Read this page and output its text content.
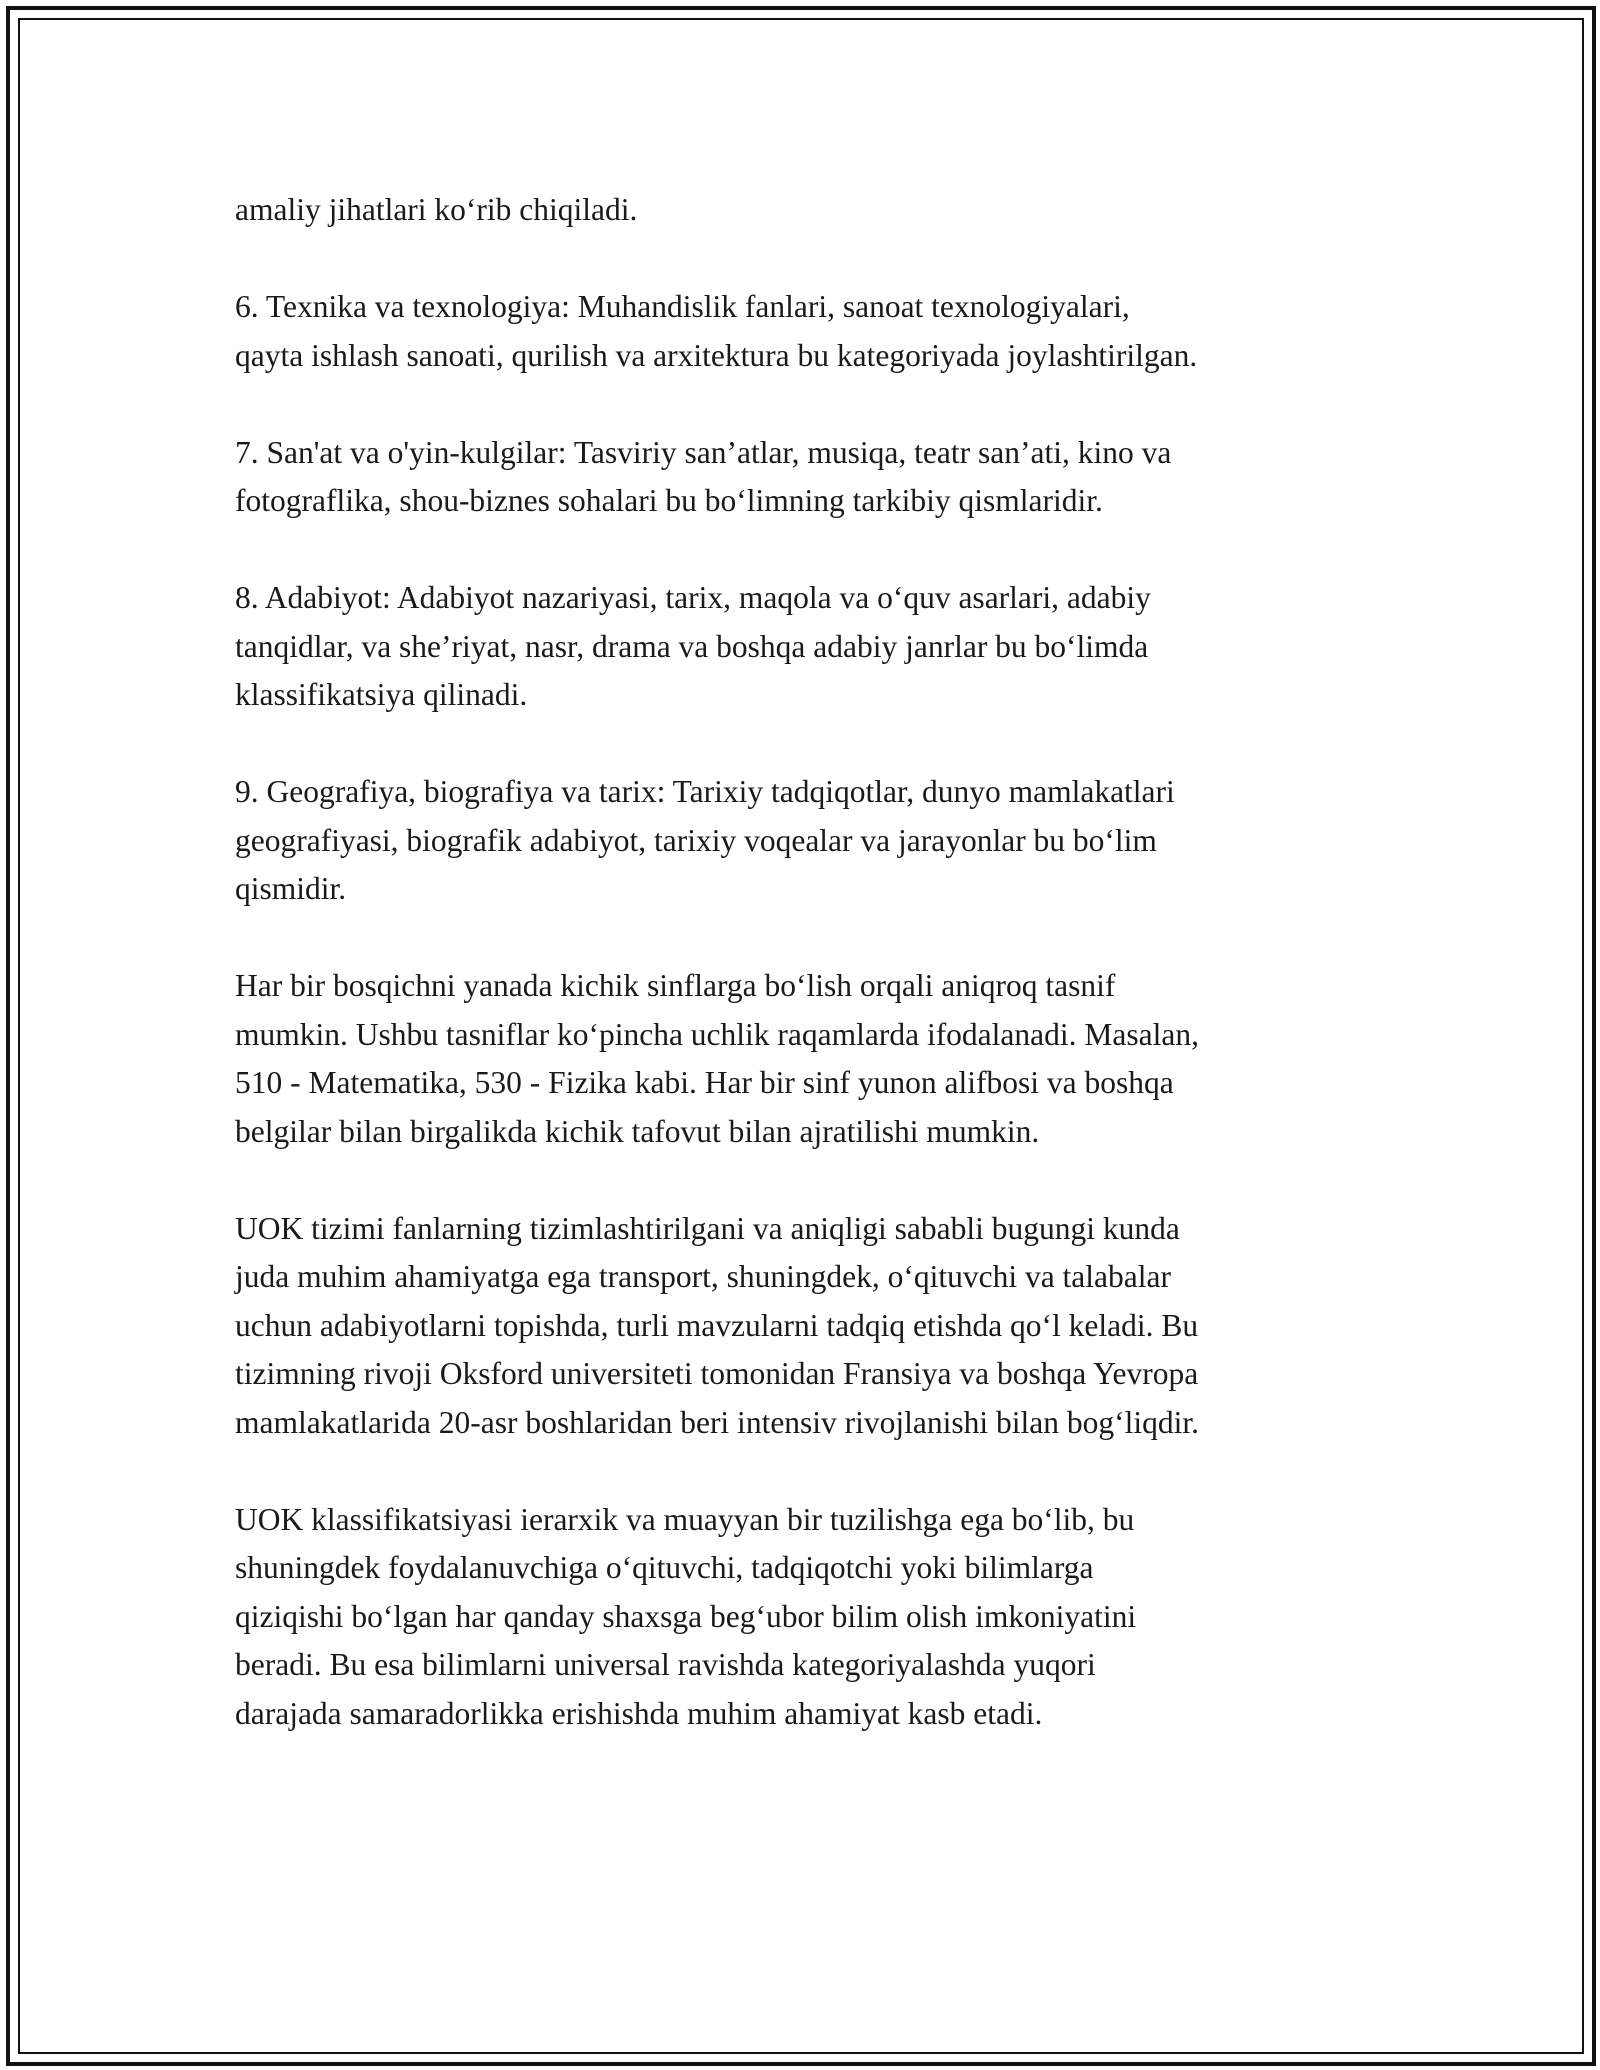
amaliy jihatlari ko‘rib chiqiladi.

6. Texnika va texnologiya: Muhandislik fanlari, sanoat texnologiyalari,
qayta ishlash sanoati, qurilish va arxitektura bu kategoriyada joylashtirilgan.

7. San'at va o'yin-kulgilar: Tasviriy san’atlar, musiqa, teatr san’ati, kino va
fotograflika, shou-biznes sohalari bu bo‘limning tarkibiy qismlaridir.

8. Adabiyot: Adabiyot nazariyasi, tarix, maqola va o‘quv asarlari, adabiy
tanqidlar, va she’riyat, nasr, drama va boshqa adabiy janrlar bu bo‘limda
klassifikatsiya qilinadi.

9. Geografiya, biografiya va tarix: Tarixiy tadqiqotlar, dunyo mamlakatlari
geografiyasi, biografik adabiyot, tarixiy voqealar va jarayonlar bu bo‘lim
qismidir.

Har bir bosqichni yanada kichik sinflarga bo‘lish orqali aniqroq tasnif
mumkin. Ushbu tasniflar ko‘pincha uchlik raqamlarda ifodalanadi. Masalan,
510 - Matematika, 530 - Fizika kabi. Har bir sinf yunon alifbosi va boshqa
belgilar bilan birgalikda kichik tafovut bilan ajratilishi mumkin.

UOK tizimi fanlarning tizimlashtirilgani va aniqligi sababli bugungi kunda
juda muhim ahamiyatga ega transport, shuningdek, o‘qituvchi va talabalar
uchun adabiyotlarni topishda, turli mavzularni tadqiq etishda qo‘l keladi. Bu
tizimning rivoji Oksford universiteti tomonidan Fransiya va boshqa Yevropa
mamlakatlarida 20-asr boshlaridan beri intensiv rivojlanishi bilan bog‘liqdir.

UOK klassifikatsiyasi ierarxik va muayyan bir tuzilishga ega bo‘lib, bu
shuningdek foydalanuvchiga o‘qituvchi, tadqiqotchi yoki bilimlarga
qiziqishi bo‘lgan har qanday shaxsga beg‘ubor bilim olish imkoniyatini
beradi. Bu esa bilimlarni universal ravishda kategoriyalashda yuqori
darajada samaradorlikka erishishda muhim ahamiyat kasb etadi.
